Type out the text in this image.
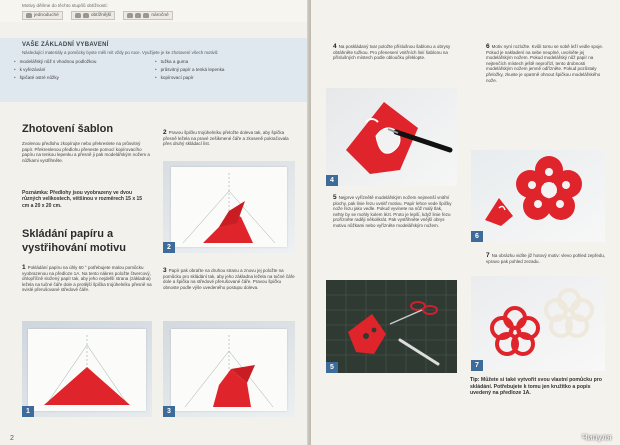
Motivy dělíme do těchto stupňů obtížnosti:
jednoduché	obtížnější	náročné
VAŠE ZÁKLADNÍ VYBAVENÍ
Následující materiály a pomůcky byste měli mít vždy po ruce. Využijete je ke zhotovení všech motivů:
• modelářský nůž s vhodnou podložkou
• k vyřezávání
• špičaté ostré nůžky
• tužka a guma
• průsvitný papír a tenká lepenka
• kopírovací papír
Zhotovení šablon
Zvolenou předlohu zkopírujte nebo překreslete na průsvitný papír. Překreslenou předlohu přeneste pomocí kopírovacího papíru na tenkou lepenku a přesně ji pak modelářským nožem a nůžkami vystřihněte.
Poznámka: Předlohy jsou vyobrazeny ve dvou různých velikostech, většinou v rozměrech 15 x 15 cm a 20 x 20 cm.
Skládání papíru a vystřihování motivu
1 Pokládání papíru na úhly 60 ° potřebujete malou pomůcku vyobrazenou na předloze 1A. Na tento nákres položte čtvercový, úhlopříčně složený papír tak, aby jeho nejdelší strana (základna) ležela na tučné čáře dole a protější špička trojúhelníku přesně na svislé přerušované středové čáře.
2 Pravou špičku trojúhelníku přeložte doleva tak, aby špička přesně ležela na pravé zešikmené čáře a zkoseně pokračovala přes druhý skládací list.
3 Papír pak obraťte na druhou stranu a znovu jej položte na pomůcku pro skládání tak, aby jeho základna ležela na tučné čáře dole a špička na středové přerušované čáře. Pravou špičku obnoste podle výše uvedeného postupu doleva.
1
2
3
2
4 Na poskládaný tvar položte příslušnou šablonu a obrysy obtáhněte tužkou. Pro přenesení vnitřních linií šablonu na příslušných místech podle obloučku překlopte.
6 Motiv nyní rozložte. Kvůli tomu se sobě leží vedle spoje. Pokud je nakladení na sebe neuplné, uvolněte jej modelářským nožem. Pokud modelářský nůž papír na nejtenčích místech ještě neprořízl, tento drobnosti modelářským nožem jemně odřízněte. Pokud pozůstaly přeložky, zkuste je opatrně ohnout špičkou modelářského nože.
4
6
5 Nejprve vyříznětě modelářským nožem nejmenší vnitřní plochy, pak linie řezu uvnitř motivu. Papír lehce vede špičky nože řezu jako vedle. Pokud vyvinete na nůž malý tlak, nehty by se mohly kolem lézt. Proto je lepší, když linie řezu prořízněte raději několikrát. Pak vystřihněte vnější obrys motivu nůžkami nebo vyřízněte modelářským nožem.
7 Na obrázku vidíte již hotový motiv: vlevo pohled zepředu, vpravo pak pohled zezadu.
5	7
Tip: Můžete si také vytvořit svou vlastní pomůcku pro skládání. Potřebujete k tomu jen kružítko a popis uvedený na předloze 1A.
Чипуля
